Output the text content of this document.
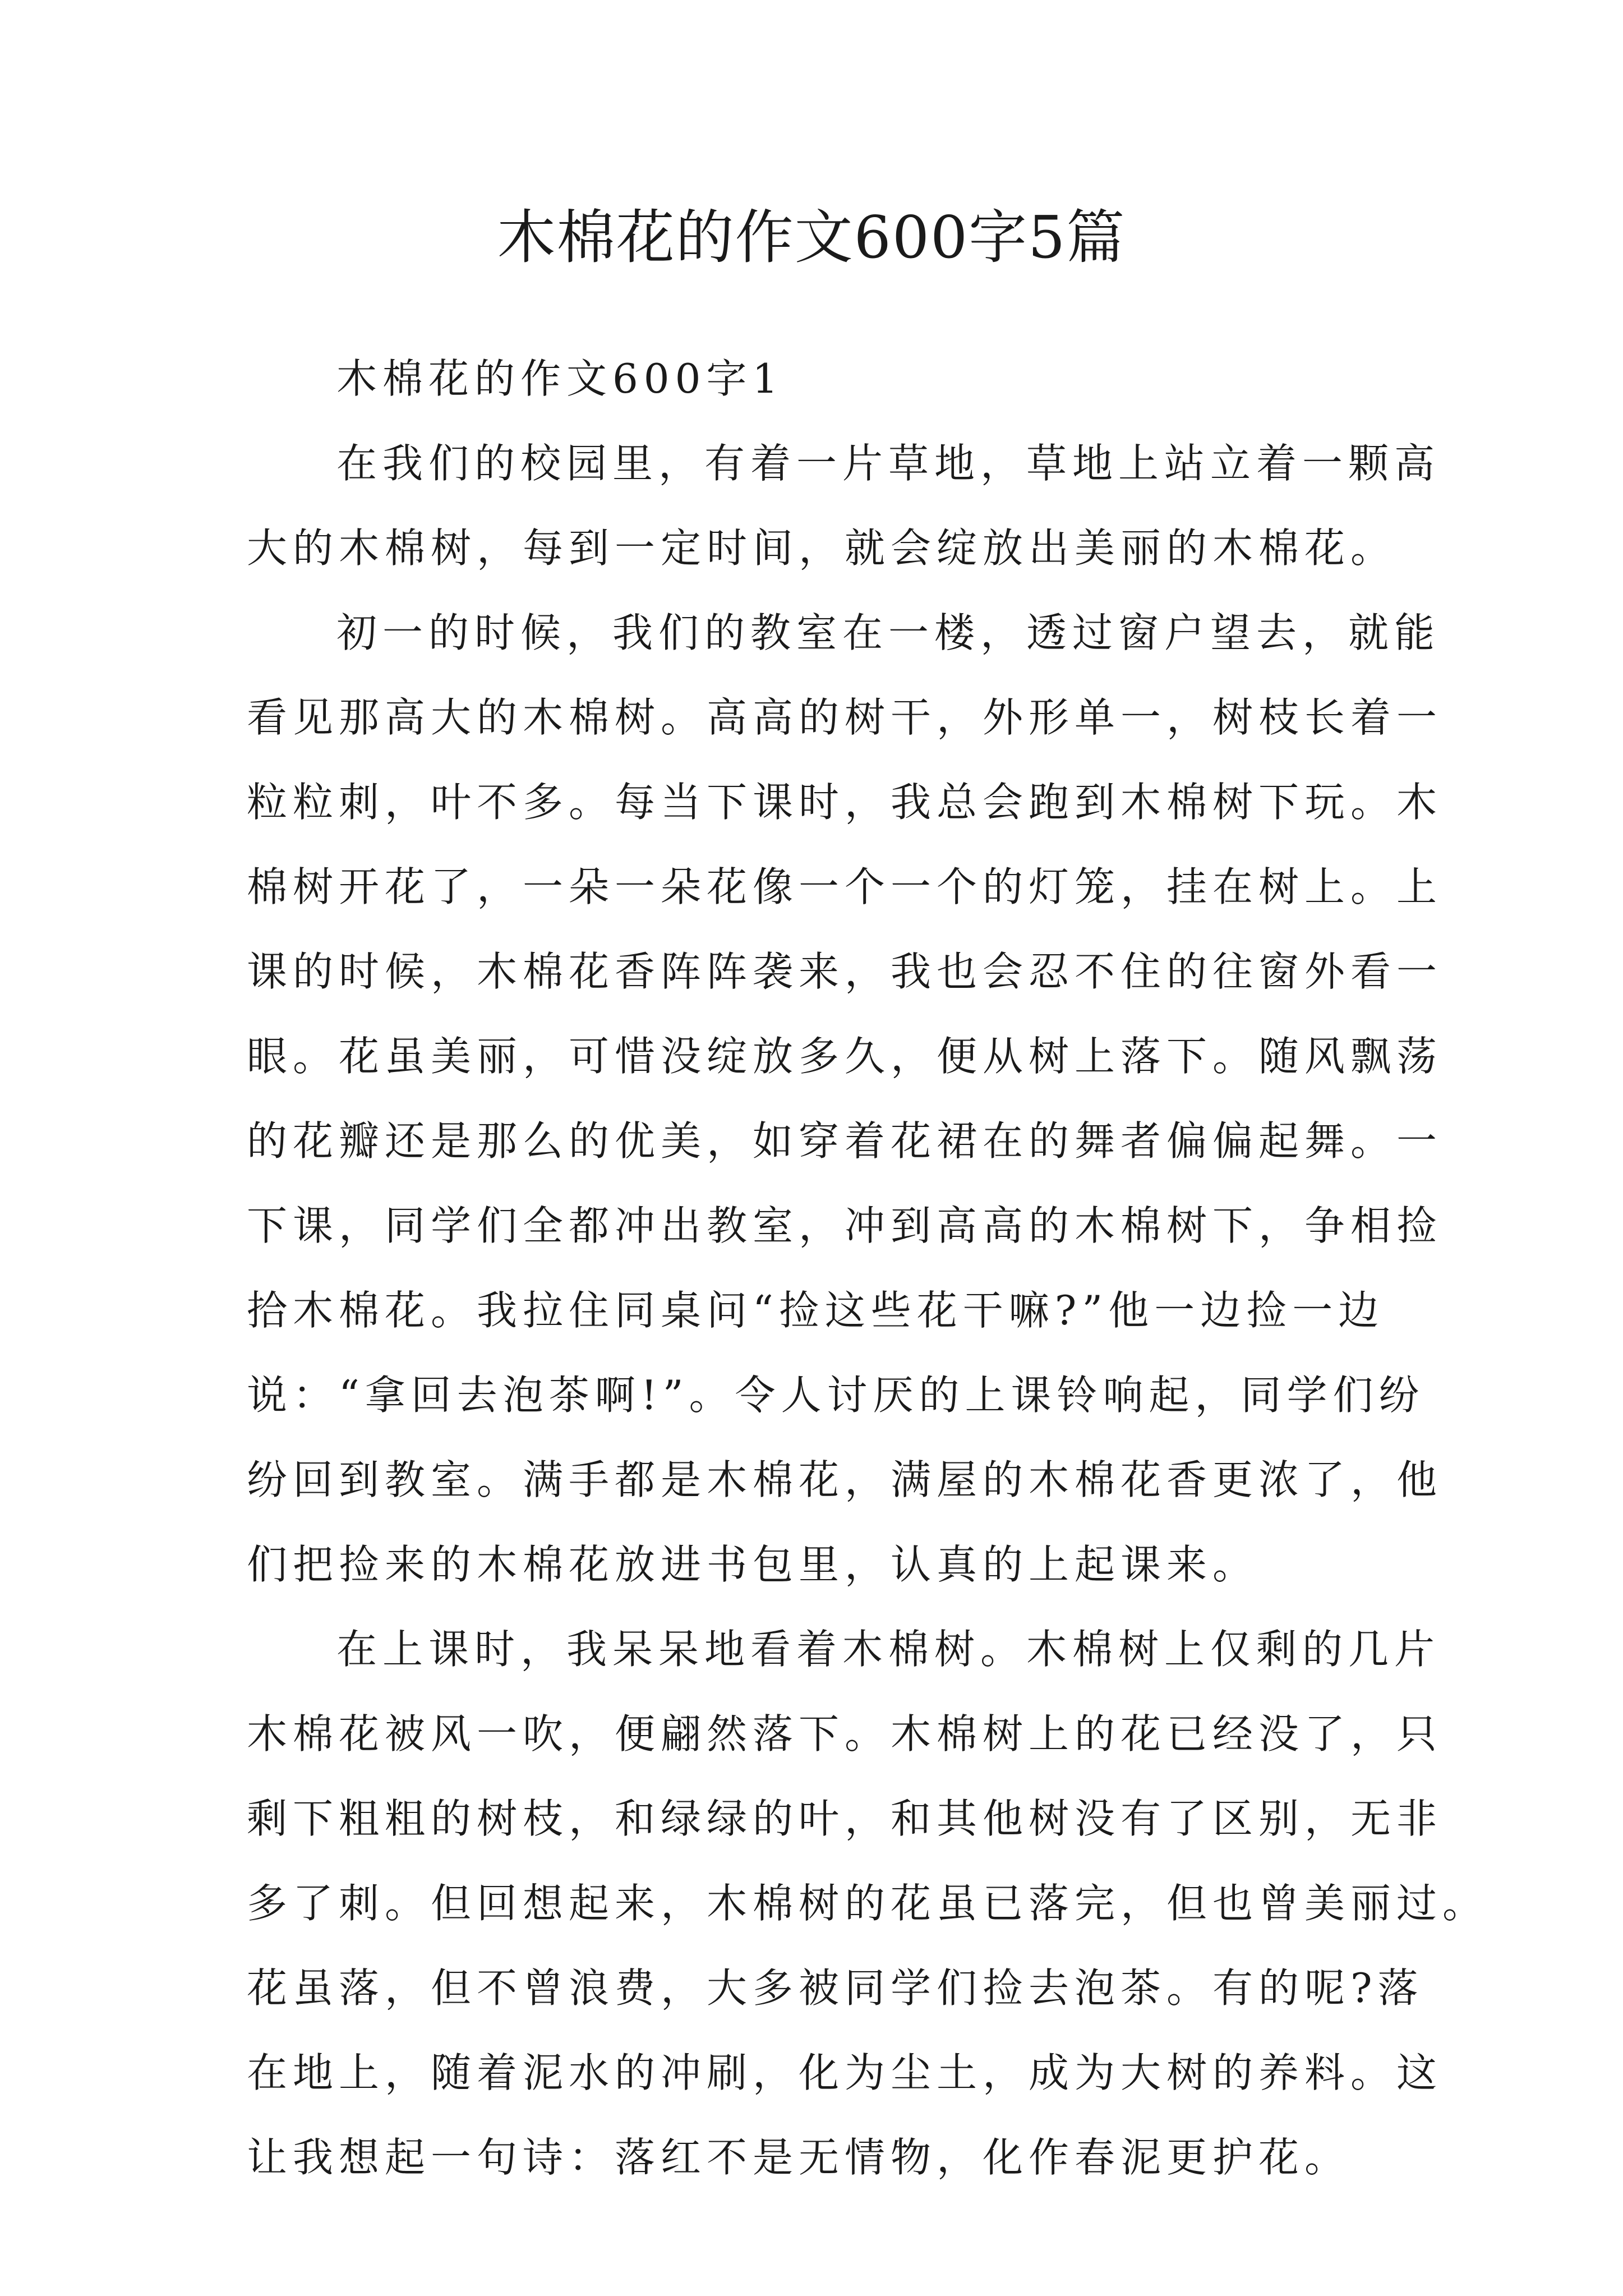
木棉花的作文600字5篇
木棉花的作文600字1
在我们的校园里，有着一片草地，草地上站立着一颗高
大的木棉树，每到一定时间，就会绽放出美丽的木棉花。
初一的时候，我们的教室在一楼，透过窗户望去，就能
看见那高大的木棉树。高高的树干，外形单一，树枝长着一
粒粒刺，叶不多。每当下课时，我总会跑到木棉树下玩。木
棉树开花了，一朵一朵花像一个一个的灯笼，挂在树上。上
课的时候，木棉花香阵阵袭来，我也会忍不住的往窗外看一
眼。花虽美丽，可惜没绽放多久，便从树上落下。随风飘荡
的花瓣还是那么的优美，如穿着花裙在的舞者偏偏起舞。一
下课，同学们全都冲出教室，冲到高高的木棉树下，争相捡
拾木棉花。我拉住同桌问“捡这些花干嘛?”他一边捡一边
说：“拿回去泡茶啊!”。令人讨厌的上课铃响起，同学们纷
纷回到教室。满手都是木棉花，满屋的木棉花香更浓了，他
们把捡来的木棉花放进书包里，认真的上起课来。
在上课时，我呆呆地看着木棉树。木棉树上仅剩的几片
木棉花被风一吹，便翩然落下。木棉树上的花已经没了，只
剩下粗粗的树枝，和绿绿的叶，和其他树没有了区别，无非
多了刺。但回想起来，木棉树的花虽已落完，但也曾美丽过。
花虽落，但不曾浪费，大多被同学们捡去泡茶。有的呢?落
在地上，随着泥水的冲刷，化为尘土，成为大树的养料。这
让我想起一句诗：落红不是无情物，化作春泥更护花。
